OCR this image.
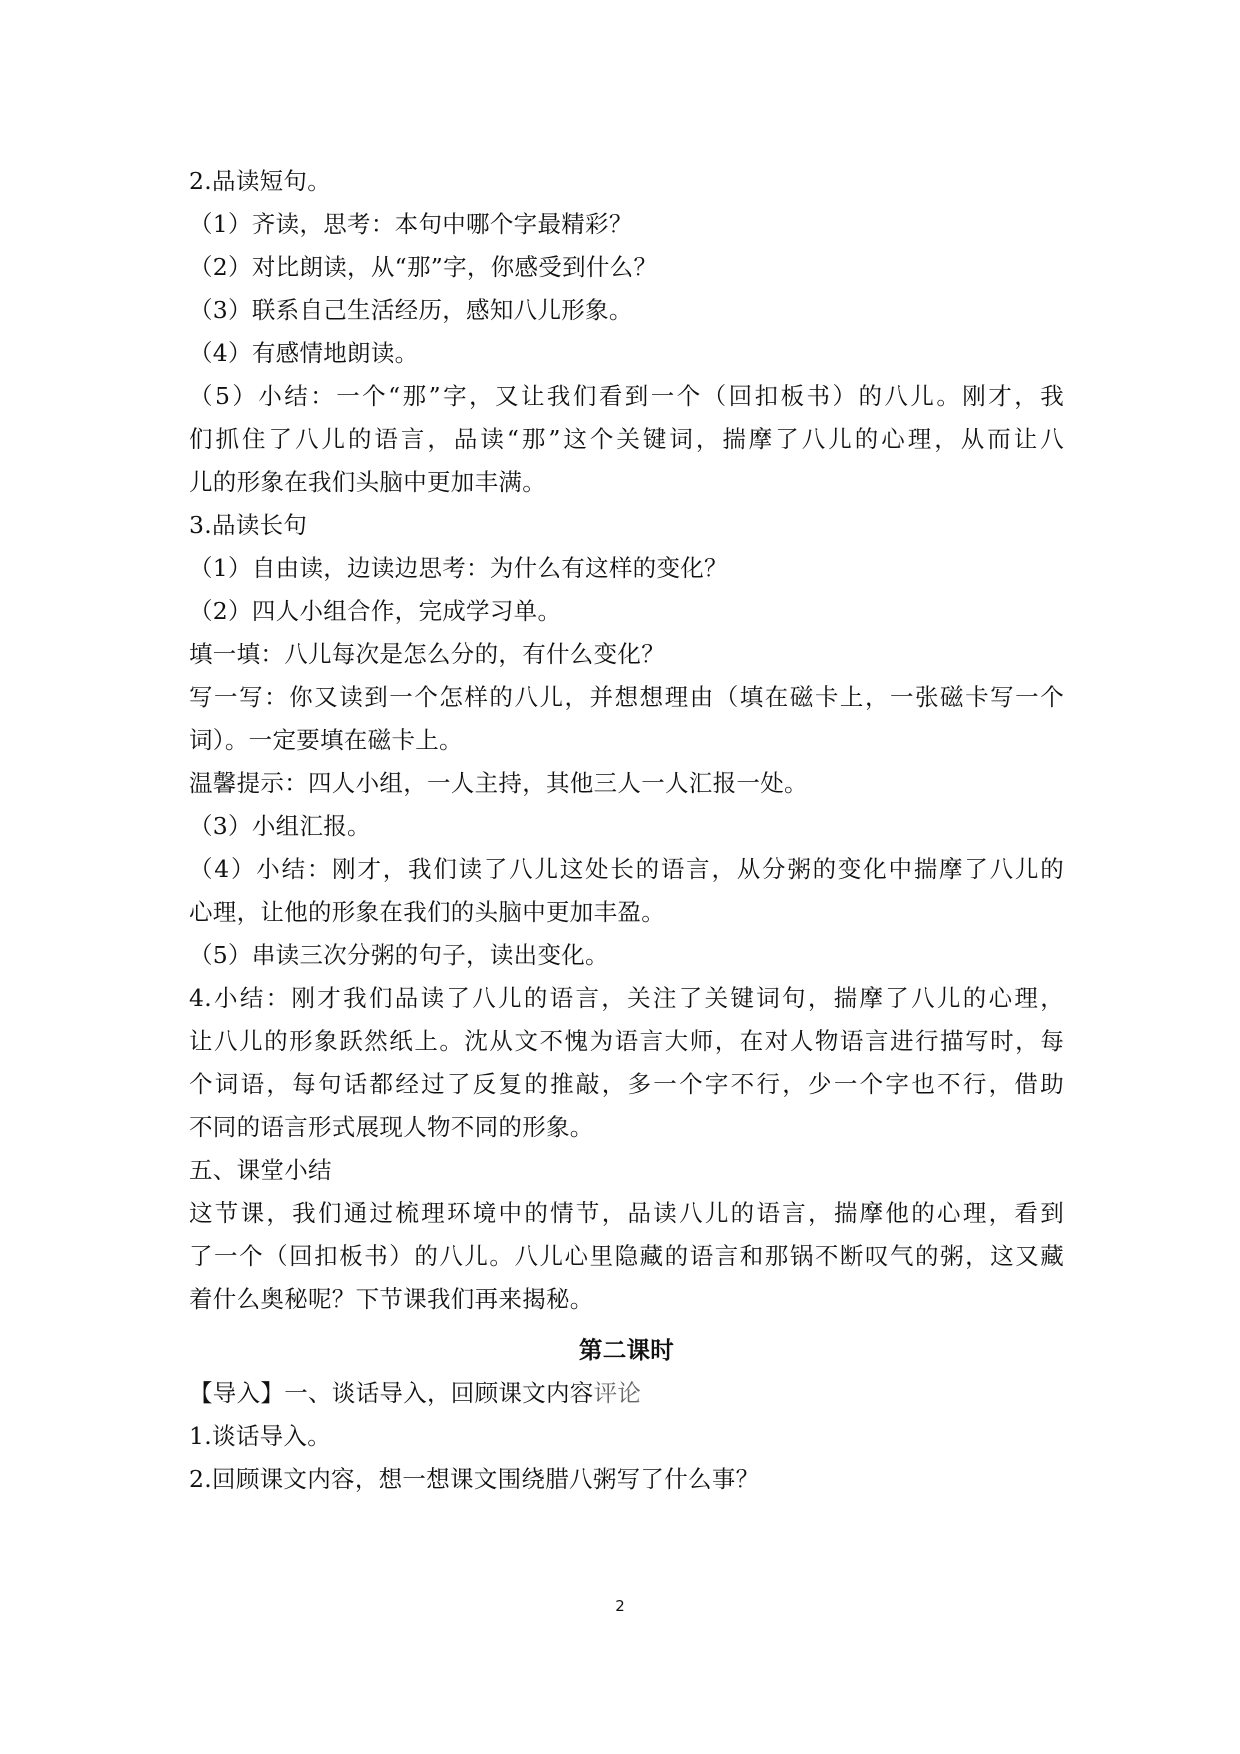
2.品读短句。
（1）齐读，思考：本句中哪个字最精彩？
（2）对比朗读，从“那”字，你感受到什么？
（3）联系自己生活经历，感知八儿形象。
（4）有感情地朗读。
（5）小结：一个“那”字，又让我们看到一个（回扣板书）的八儿。刚才，我
们抓住了八儿的语言，品读“那”这个关键词，揣摩了八儿的心理，从而让八
儿的形象在我们头脑中更加丰满。
3.品读长句
（1）自由读，边读边思考：为什么有这样的变化？
（2）四人小组合作，完成学习单。
填一填：八儿每次是怎么分的，有什么变化？
写一写：你又读到一个怎样的八儿，并想想理由（填在磁卡上，一张磁卡写一个
词）。一定要填在磁卡上。
温馨提示：四人小组，一人主持，其他三人一人汇报一处。
（3）小组汇报。
（4）小结：刚才，我们读了八儿这处长的语言，从分粥的变化中揣摩了八儿的
心理，让他的形象在我们的头脑中更加丰盈。
（5）串读三次分粥的句子，读出变化。
4.小结：刚才我们品读了八儿的语言，关注了关键词句，揣摩了八儿的心理，
让八儿的形象跃然纸上。沈从文不愧为语言大师，在对人物语言进行描写时，每
个词语，每句话都经过了反复的推敲，多一个字不行，少一个字也不行，借助
不同的语言形式展现人物不同的形象。
五、课堂小结
这节课，我们通过梳理环境中的情节，品读八儿的语言，揣摩他的心理，看到
了一个（回扣板书）的八儿。八儿心里隐藏的语言和那锅不断叹气的粥，这又藏
着什么奥秘呢？下节课我们再来揭秘。
第二课时
【导入】一、谈话导入，回顾课文内容评论
1.谈话导入。
2.回顾课文内容，想一想课文围绕腊八粥写了什么事？
2
